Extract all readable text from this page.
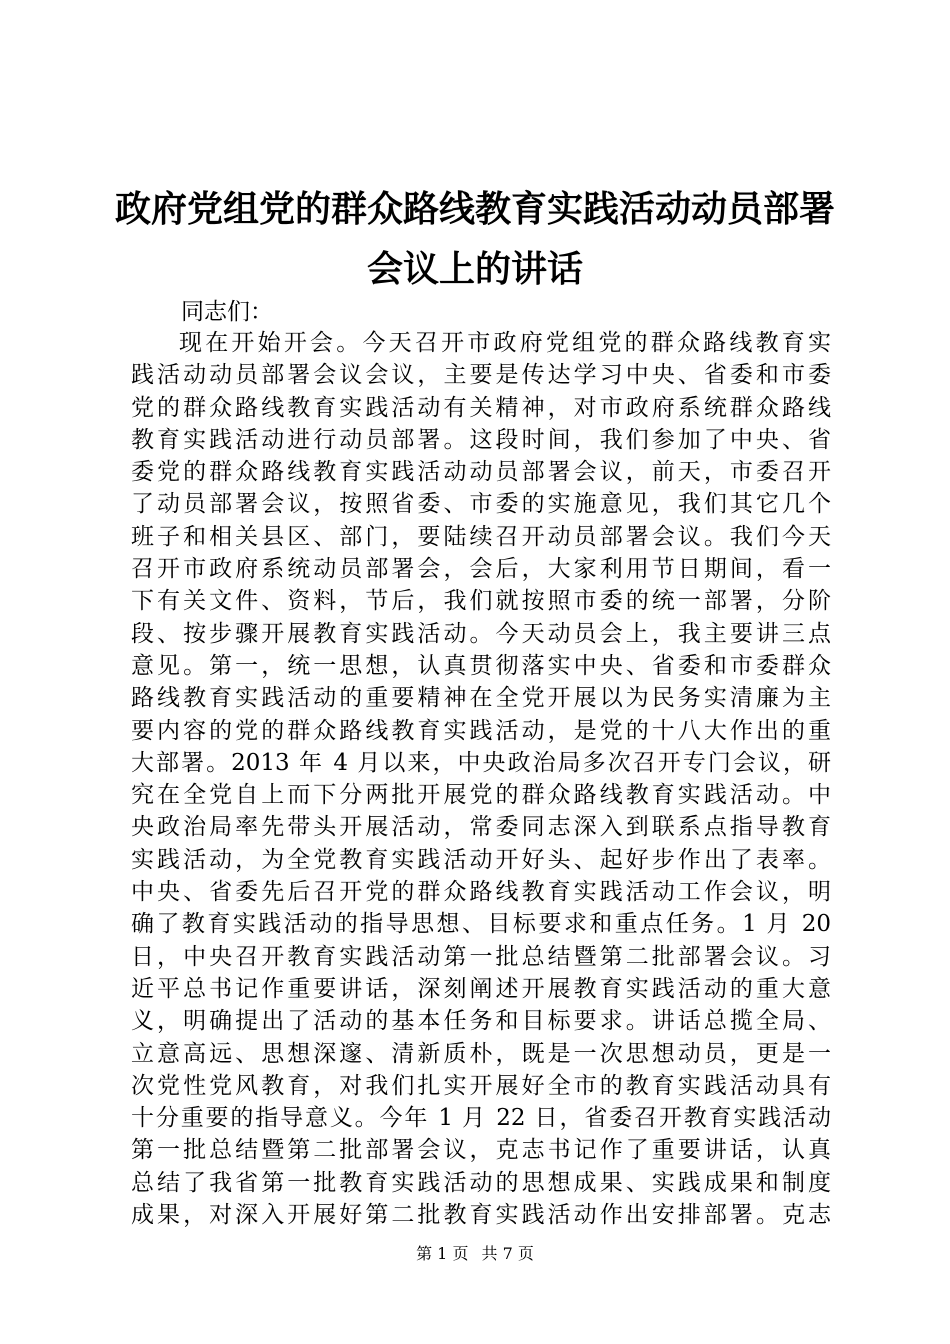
政府党组党的群众路线教育实践活动动员部署
会议上的讲话
同志们：
现在开始开会。今天召开市政府党组党的群众路线教育实
践活动动员部署会议会议，主要是传达学习中央、省委和市委
党的群众路线教育实践活动有关精神，对市政府系统群众路线
教育实践活动进行动员部署。这段时间，我们参加了中央、省
委党的群众路线教育实践活动动员部署会议，前天，市委召开
了动员部署会议，按照省委、市委的实施意见，我们其它几个
班子和相关县区、部门，要陆续召开动员部署会议。我们今天
召开市政府系统动员部署会，会后，大家利用节日期间，看一
下有关文件、资料，节后，我们就按照市委的统一部署，分阶
段、按步骤开展教育实践活动。今天动员会上，我主要讲三点
意见。第一，统一思想，认真贯彻落实中央、省委和市委群众
路线教育实践活动的重要精神在全党开展以为民务实清廉为主
要内容的党的群众路线教育实践活动，是党的十八大作出的重
大部署。2013 年 4 月以来，中央政治局多次召开专门会议，研
究在全党自上而下分两批开展党的群众路线教育实践活动。中
央政治局率先带头开展活动，常委同志深入到联系点指导教育
实践活动，为全党教育实践活动开好头、起好步作出了表率。
中央、省委先后召开党的群众路线教育实践活动工作会议，明
确了教育实践活动的指导思想、目标要求和重点任务。1 月 20
日，中央召开教育实践活动第一批总结暨第二批部署会议。习
近平总书记作重要讲话，深刻阐述开展教育实践活动的重大意
义，明确提出了活动的基本任务和目标要求。讲话总揽全局、
立意高远、思想深邃、清新质朴，既是一次思想动员，更是一
次党性党风教育，对我们扎实开展好全市的教育实践活动具有
十分重要的指导意义。今年 1 月 22 日，省委召开教育实践活动
第一批总结暨第二批部署会议，克志书记作了重要讲话，认真
总结了我省第一批教育实践活动的思想成果、实践成果和制度
成果，对深入开展好第二批教育实践活动作出安排部署。克志
第 1 页 共 7 页
